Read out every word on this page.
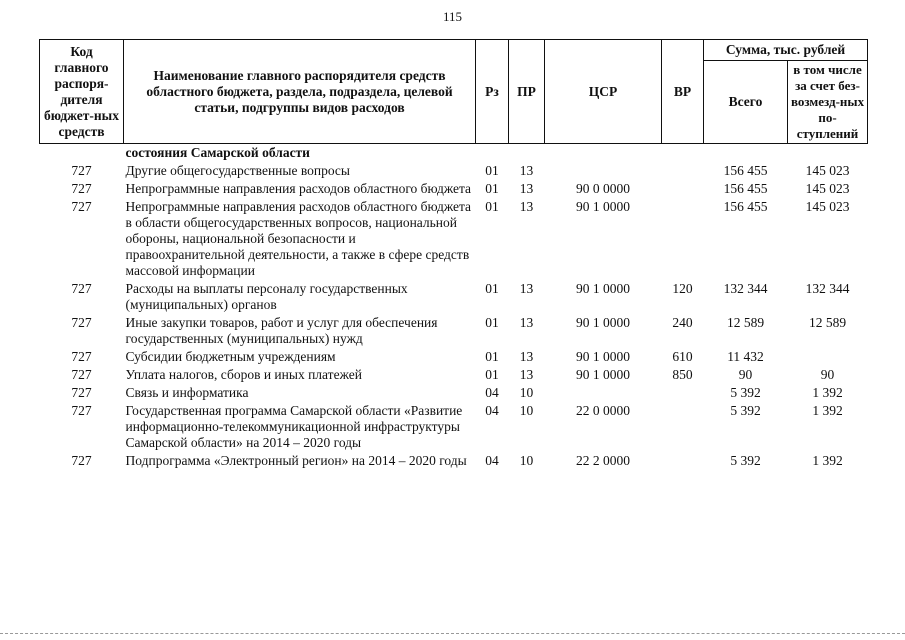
115
Код главного распоря-дителя бюджет-ных средств	Наименование главного распорядителя средств областного бюджета, раздела, подраздела, целевой статьи, подгруппы видов расходов	Рз	ПР	ЦСР	ВР	Сумма, тыс. рублей	
						Всего	в том числе за счет без-возмезд-ных по-ступлений
	состояния Самарской области						
727	Другие общегосударственные вопросы	01	13			156 455	145 023
727	Непрограммные направления расходов областного бюджета	01	13	90 0 0000		156 455	145 023
727	Непрограммные направления расходов областного бюджета в области общегосударственных вопросов, национальной обороны, национальной безопасности и правоохранительной деятельности, а также в сфере средств массовой информации	01	13	90 1 0000		156 455	145 023
727	Расходы на выплаты персоналу государственных (муниципальных) органов	01	13	90 1 0000	120	132 344	132 344
727	Иные закупки товаров, работ и услуг для обеспечения государственных (муниципальных) нужд	01	13	90 1 0000	240	12 589	12 589
727	Субсидии бюджетным учреждениям	01	13	90 1 0000	610	11 432	
727	Уплата налогов, сборов и иных платежей	01	13	90 1 0000	850	90	90
727	Связь и информатика	04	10			5 392	1 392
727	Государственная программа Самарской области «Развитие информационно-телекоммуникационной инфраструктуры Самарской области» на 2014 – 2020 годы	04	10	22 0 0000		5 392	1 392
727	Подпрограмма «Электронный регион» на 2014 – 2020 годы	04	10	22 2 0000		5 392	1 392
